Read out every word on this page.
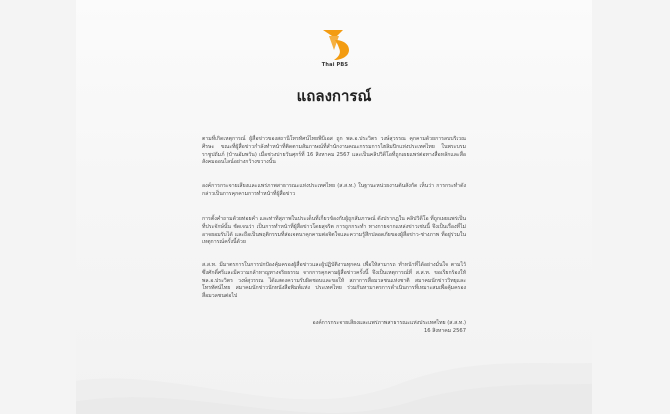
Thai PBS
แถลงการณ์
ตามที่เกิดเหตุการณ์ ผู้สื่อข่าวของสถานีโทรทัศน์ไทยพีบีเอส ถูก พล.อ.ประวิตร วงษ์สุวรรณ คุกคามด้วยการลบบริเวณศีรษะ ขณะที่ผู้สื่อข่าวกำลังทำหน้าที่ติดตามสัมภาษณ์ที่สำนักงานคณะกรรมการไฮลิมปิกแห่งประเทศไทย ในพระบรมราชูปถัมภ์ (บ้านอัมพวัน) เมื่อช่วงบ่ายวันศุกร์ที่ 16 สิงหาคม 2567 และเป็นคลิปวิดีโอที่ถูกเผยแพร่ต่อทางสื่อหลักและสื่อสังคมออนไลน์อย่างกว้างขวางนั้น
องค์การกระจายเสียงและแพร่ภาพสาธารณะแห่งประเทศไทย (ส.ส.ท.) ในฐานะหน่วยงานต้นสังกัด เห็นว่า การกระทำดังกล่าวเป็นการคุกคามการทำหน้าที่ผู้สื่อข่าว
การตั้งคำถามด้วยท่อยคำ และท่าทีสุภาพในประเด็นที่เกี่ยวข้องกับผู้ถูกสัมภาษณ์ ดังปรากฏใน คลิปวิดีโอ ที่ถูกเผยแพร่เป็นที่ประจักษ์นั้น ชัดเจนว่า เป็นการทำหน้าที่ผู้สื่อข่าวโดยสุจริต การถูกกระทำ ทางกายจากแหล่งข่าวเช่นนี้ จึงเป็นเรื่องที่ไม่อาจยอมรับได้ และถือเป็นพฤติกรรมที่ส่อเจตนาคุกคามต่อจิตใจและความรู้สึกปลอดภัยของผู้สื่อข่าว-ช่างภาพ ที่อยู่ร่วมในเหตุการณ์ครั้งนี้ด้วย
ส.ส.ท. มีมาตรการในการปกป้องคุ้มครองผู้สื่อข่าวและผู้ปฏิบัติงานทุกคน เพื่อให้สามารถ ทำหน้าที่ได้อย่างมั่นใจ ตามไว้ซึ่งศักดิ์ศรีและมีความกล้าหาญทางจริยธรรม จากการคุกคามผู้สื่อข่าวครั้งนี้ จึงเป็นเหตุการณ์ที่ ส.ส.ท. ขอเรียกร้องให้ พล.อ.ประวิตร วงษ์สุวรรณ ได้แสดงความรับผิดชอบและขอให้ สภาการสื่อมวลชนแห่งชาติ สมาคมนักข่าววิทยุและโทรทัศน์ไทย สมาคมนักข่าวนักหนังสือพิมพ์แห่ง ประเทศไทย ร่วมกันหามาตรการดำเนินการที่เหมาะสมเพื่อคุ้มครองสื่อมวลชนต่อไป
องค์การกระจายเสียงและแพร่ภาพสาธารณะแห่งประเทศไทย (ส.ส.ท.)
16 สิงหาคม 2567
